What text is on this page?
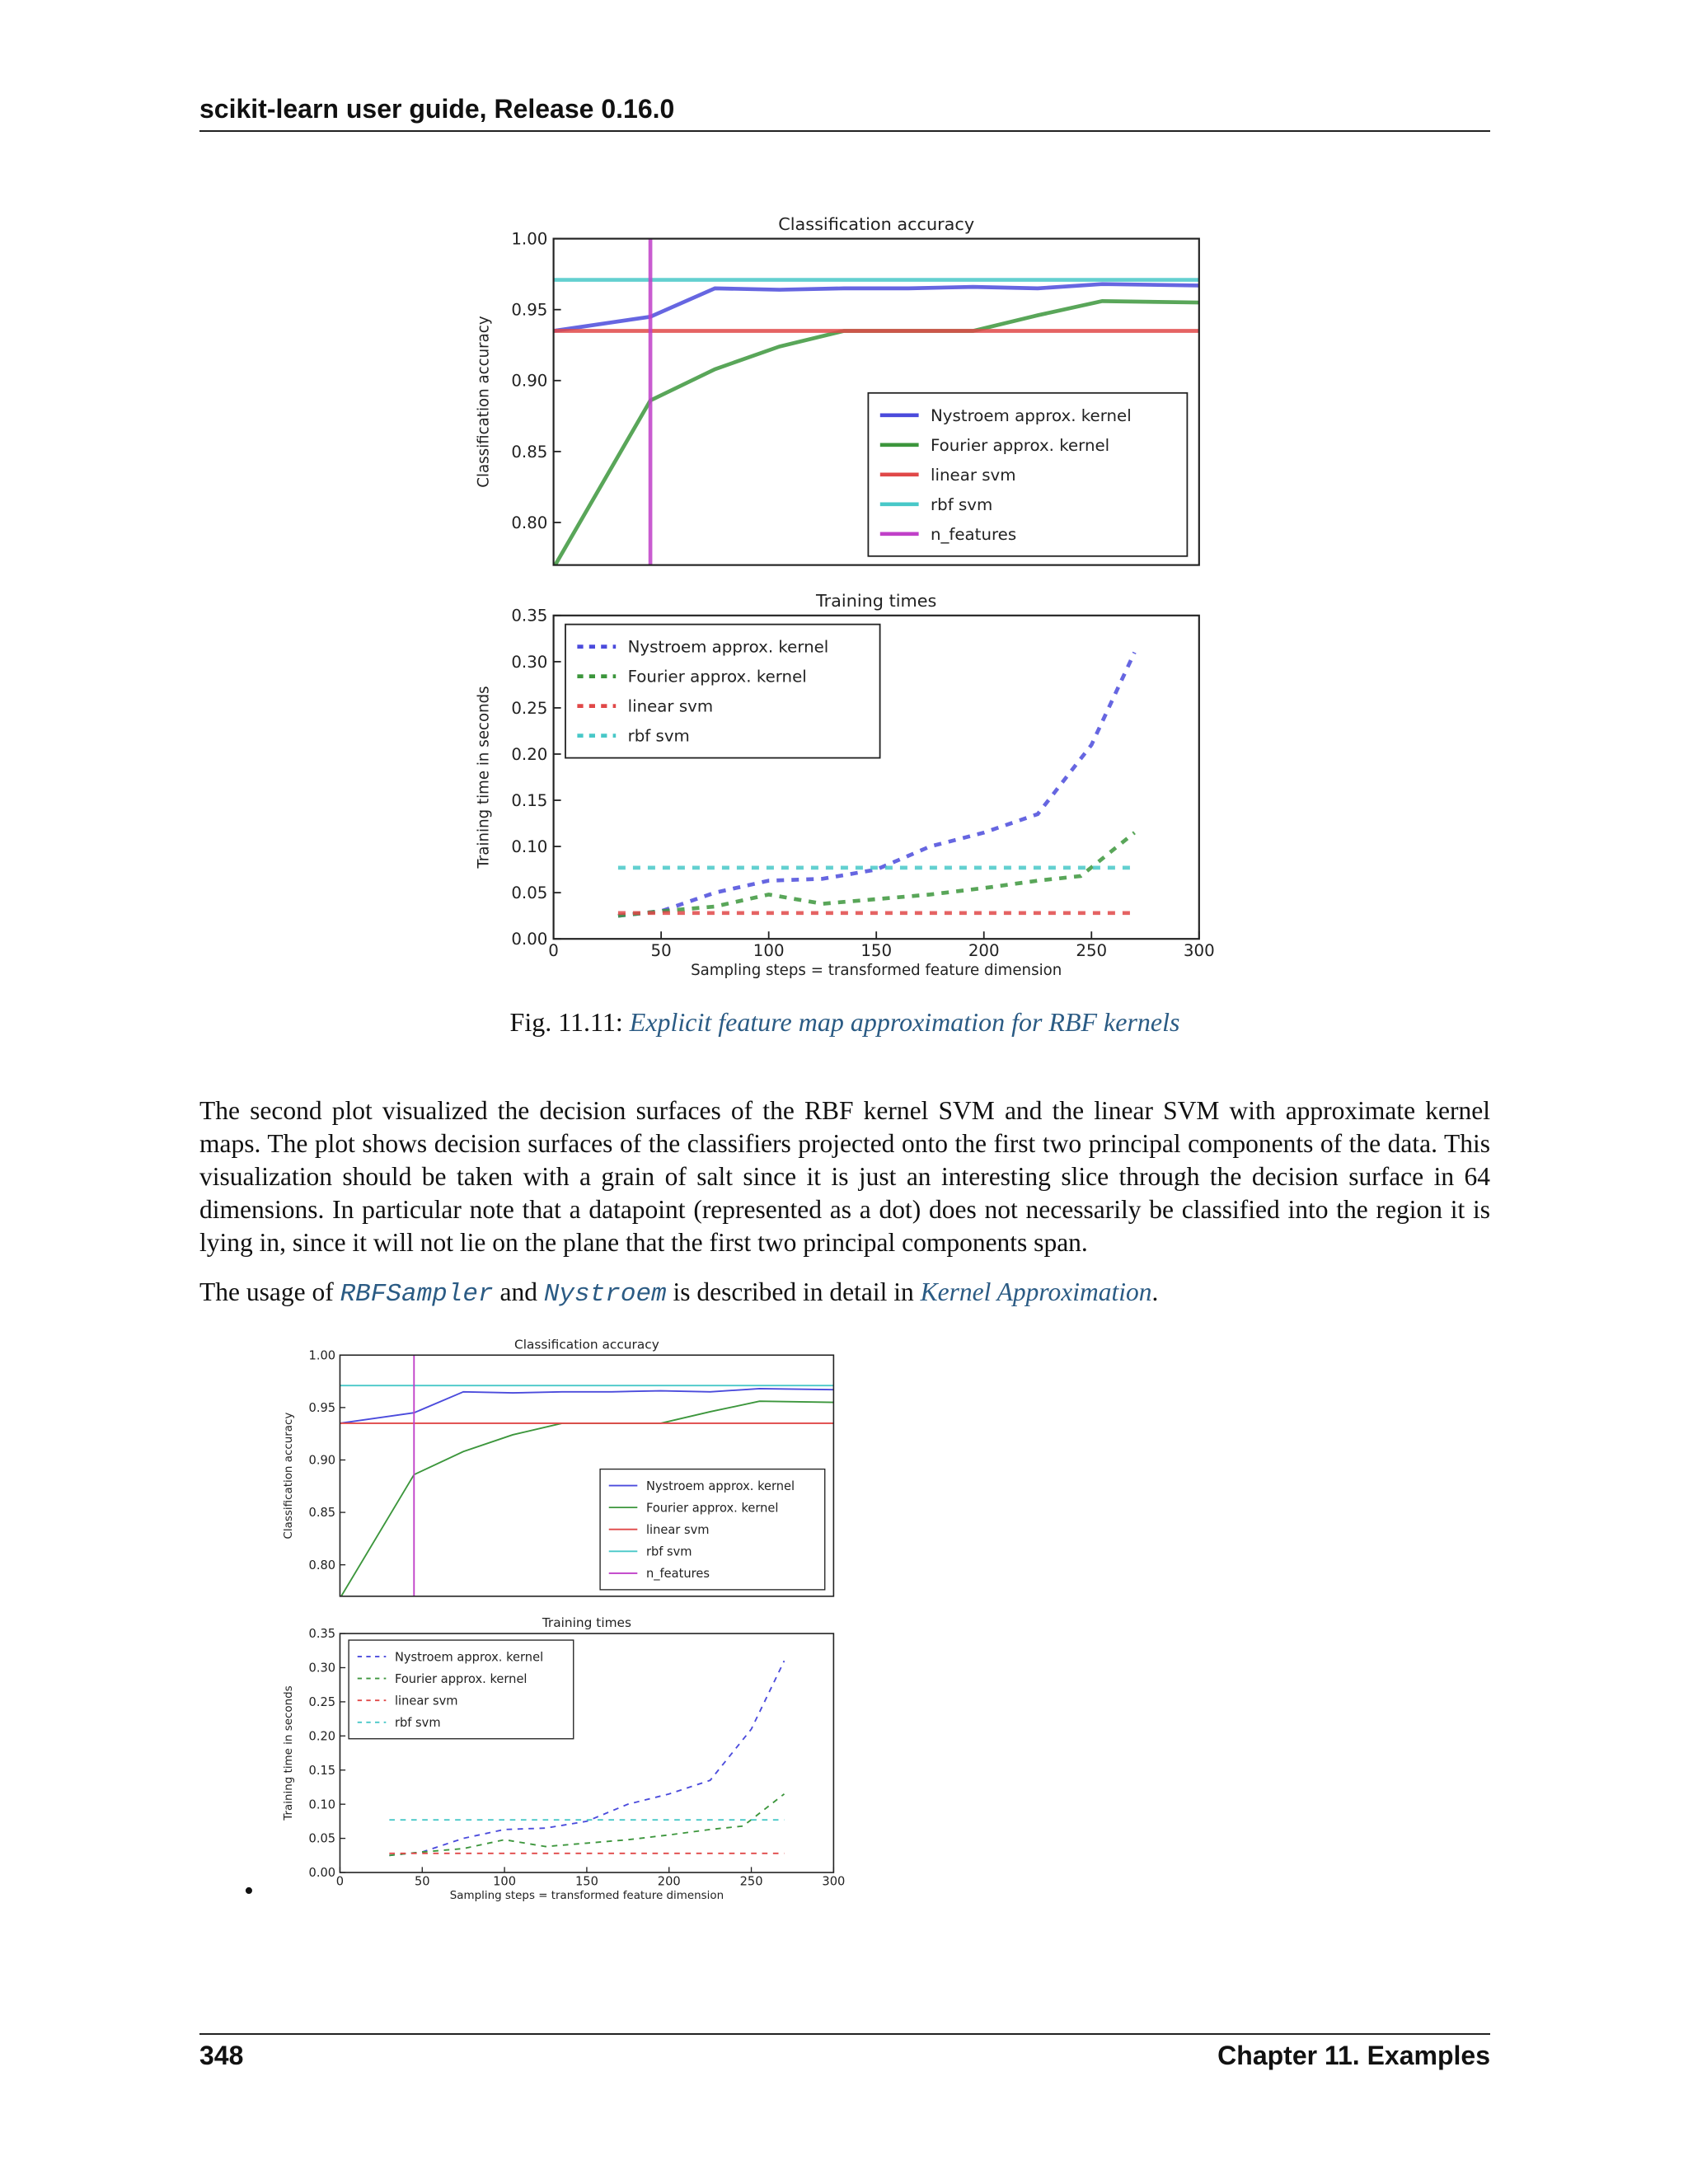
scikit-learn user guide, Release 0.16.0
Classification accuracy
Classification accuracy
0.80
0.85
0.90
0.95
1.00
Nystroem approx. kernel
Fourier approx. kernel
linear svm
rbf svm
n_features
Training times
Training time in seconds
0.00
0.05
0.10
0.15
0.20
0.25
0.30
0.35
0	50	100	150	200	250	300
Sampling steps = transformed feature dimension
Nystroem approx. kernel
Fourier approx. kernel
linear svm
rbf svm
Fig. 11.11: Explicit feature map approximation for RBF kernels

The second plot visualized the decision surfaces of the RBF kernel SVM and the linear SVM with approximate kernel maps. The plot shows decision surfaces of the classifiers projected onto the first two principal components of the data. This visualization should be taken with a grain of salt since it is just an interesting slice through the decision surface in 64 dimensions. In particular note that a datapoint (represented as a dot) does not necessarily be classified into the region it is lying in, since it will not lie on the plane that the first two principal components span.

The usage of RBFSampler and Nystroem is described in detail in Kernel Approximation.

Classification accuracy
Classification accuracy
0.80
0.85
0.90
0.95
1.00
Nystroem approx. kernel
Fourier approx. kernel
linear svm
rbf svm
n_features
Training times
Training time in seconds
0.00
0.05
0.10
0.15
0.20
0.25
0.30
0.35
0	50	100	150	200	250	300
Sampling steps = transformed feature dimension
Nystroem approx. kernel
Fourier approx. kernel
linear svm
rbf svm
•
348	Chapter 11. Examples
